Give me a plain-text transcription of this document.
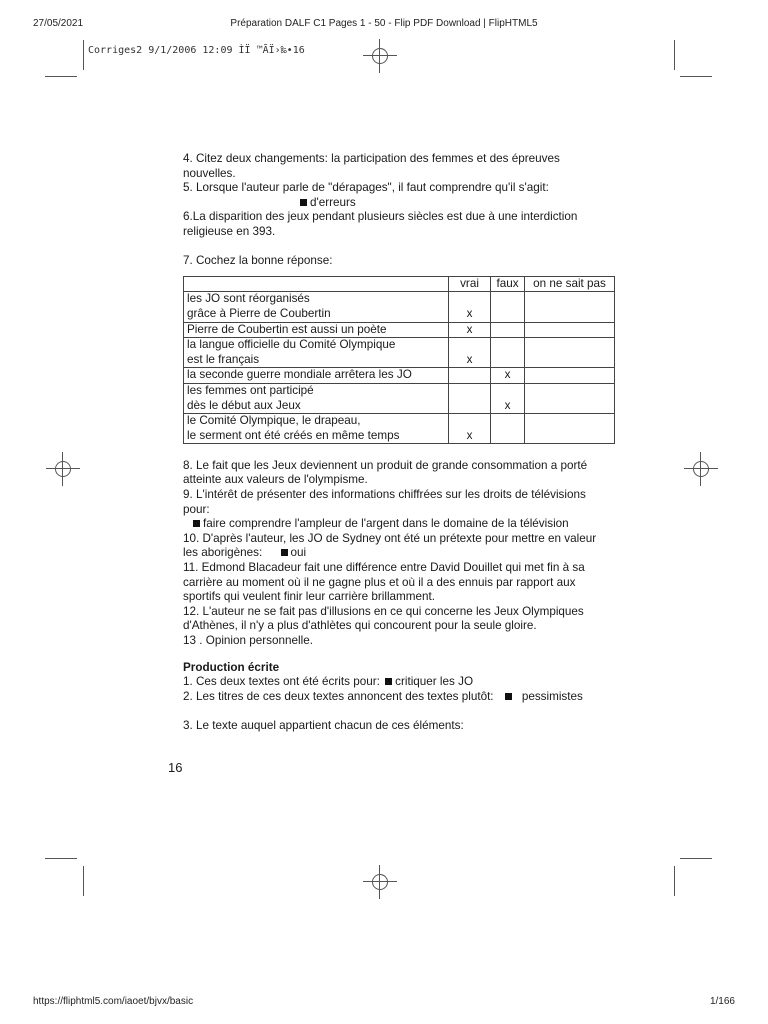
27/05/2021	Préparation DALF C1 Pages 1 - 50 - Flip PDF Download | FlipHTML5
https://fliphtml5.com/iaoet/bjvx/basic	1/166
Corriges2 9/1/2006 12:09 ÌÏ ™ÃÏ›‰•16

4. Citez deux changements: la participation des femmes et des épreuves
nouvelles.

5. Lorsque l'auteur parle de "dérapages", il faut comprendre qu'il s'agit:

d'erreurs

6.La disparition des jeux pendant plusieurs siècles est due à une interdiction
religieuse en 393.

7. Cochez la bonne réponse:

	vrai	faux	on ne sait pas
les JO sont réorganisés
grâce à Pierre de Coubertin	x		
Pierre de Coubertin est aussi un poète	x		
la langue officielle du Comité Olympique
est le français	x		
la seconde guerre mondiale arrêtera les JO		x	
les femmes ont participé
dès le début aux Jeux		x	
le Comité Olympique, le drapeau,
le serment ont été créés en même temps	x		

8. Le fait que les Jeux deviennent un produit de grande consommation a porté
atteinte aux valeurs de l'olympisme.

9. L'intérêt de présenter des informations chiffrées sur les droits de télévisions
pour:

faire comprendre l'ampleur de l'argent dans le domaine de la télévision

10. D'après l'auteur, les JO de Sydney ont été un prétexte pour mettre en valeur
les aborigènes: oui

11. Edmond Blacadeur fait une différence entre David Douillet qui met fin à sa
carrière au moment où il ne gagne plus et où il a des ennuis par rapport aux
sportifs qui veulent finir leur carrière brillamment.

12. L'auteur ne se fait pas d'illusions en ce qui concerne les Jeux Olympiques
d'Athènes, il n'y a plus d'athlètes qui concourent pour la seule gloire.

13 . Opinion personnelle.

Production écrite

1. Ces deux textes ont été écrits pour: critiquer les JO

2. Les titres de ces deux textes annoncent des textes plutôt: pessimistes

3. Le texte auquel appartient chacun de ces éléments:

16
